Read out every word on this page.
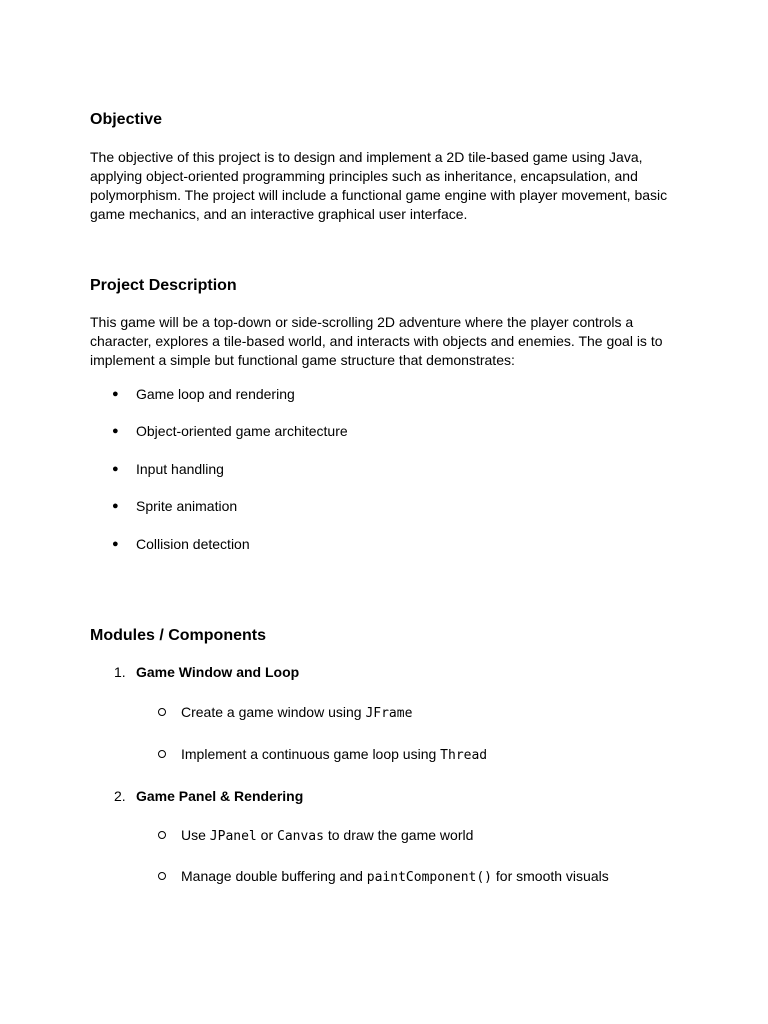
Objective
The objective of this project is to design and implement a 2D tile-based game using Java,
applying object-oriented programming principles such as inheritance, encapsulation, and
polymorphism. The project will include a functional game engine with player movement, basic
game mechanics, and an interactive graphical user interface.
Project Description
This game will be a top-down or side-scrolling 2D adventure where the player controls a
character, explores a tile-based world, and interacts with objects and enemies. The goal is to
implement a simple but functional game structure that demonstrates:
● Game loop and rendering
● Object-oriented game architecture
● Input handling
● Sprite animation
● Collision detection
Modules / Components
1. Game Window and Loop
Create a game window using JFrame
Implement a continuous game loop using Thread
2. Game Panel & Rendering
Use JPanel or Canvas to draw the game world
Manage double buffering and paintComponent() for smooth visuals
